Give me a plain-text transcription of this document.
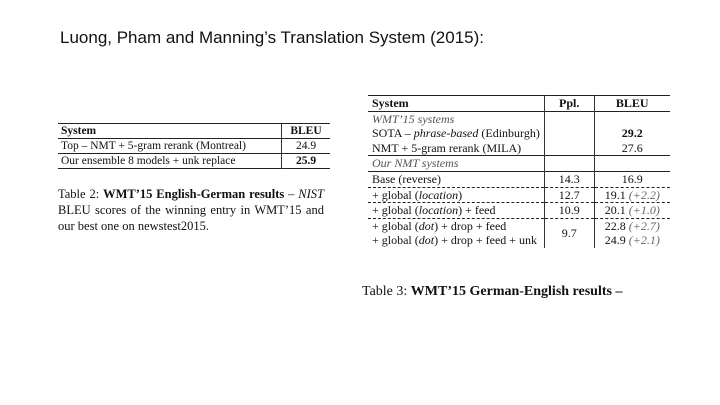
Luong, Pham and Manning’s Translation System (2015):
System	BLEU
Top – NMT + 5-gram rerank (Montreal)	24.9
Our ensemble 8 models + unk replace	25.9
Table 2: WMT’15 English-German results – NIST BLEU scores of the winning entry in WMT’15 and our best one on newstest2015.
System	Ppl.	BLEU
WMT’15 systems		
SOTA – phrase-based (Edinburgh)		29.2
NMT + 5-gram rerank (MILA)		27.6
Our NMT systems		
Base (reverse)	14.3	16.9
+ global (location)	12.7	19.1 (+2.2)
+ global (location) + feed	10.9	20.1 (+1.0)
+ global (dot) + drop + feed	9.7	22.8 (+2.7)
+ global (dot) + drop + feed + unk		24.9 (+2.1)
Table 3: WMT’15 German-English results –
